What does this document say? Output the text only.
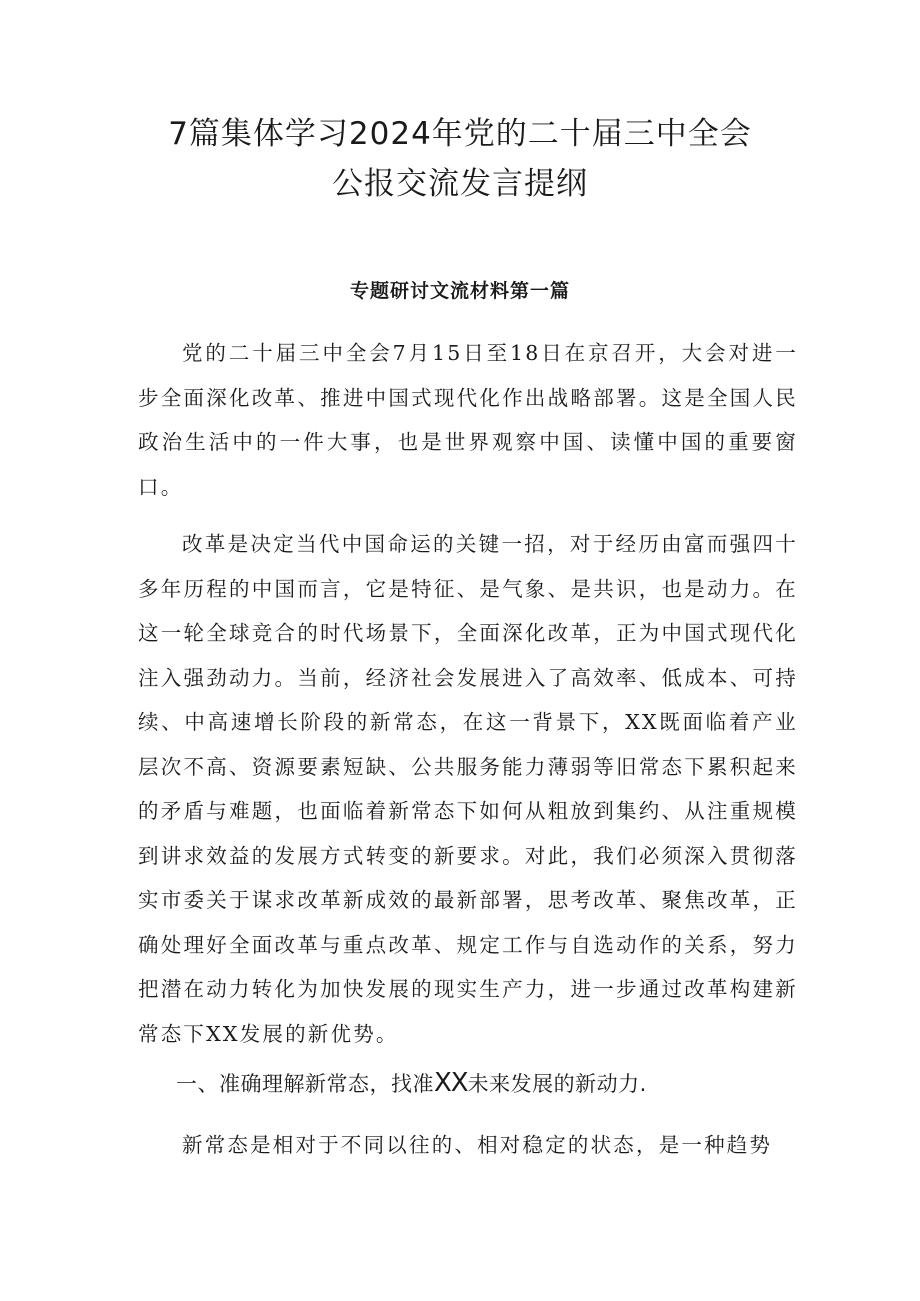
7篇集体学习2024年党的二十届三中全会
公报交流发言提纲
专题研讨文流材料第一篇

党的二十届三中全会7月15日至18日在京召开，大会对进一步全面深化改革、推进中国式现代化作出战略部署。这是全国人民政治生活中的一件大事，也是世界观察中国、读懂中国的重要窗口。

改革是决定当代中国命运的关键一招，对于经历由富而强四十多年历程的中国而言，它是特征、是气象、是共识，也是动力。在这一轮全球竞合的时代场景下，全面深化改革，正为中国式现代化注入强劲动力。当前，经济社会发展进入了高效率、低成本、可持续、中高速增长阶段的新常态，在这一背景下，XX既面临着产业层次不高、资源要素短缺、公共服务能力薄弱等旧常态下累积起来的矛盾与难题，也面临着新常态下如何从粗放到集约、从注重规模到讲求效益的发展方式转变的新要求。对此，我们必须深入贯彻落实市委关于谋求改革新成效的最新部署，思考改革、聚焦改革，正确处理好全面改革与重点改革、规定工作与自选动作的关系，努力把潜在动力转化为加快发展的现实生产力，进一步通过改革构建新常态下XX发展的新优势。

一、准确理解新常态，找准XX未来发展的新动力.

新常态是相对于不同以往的、相对稳定的状态，是一种趋势
